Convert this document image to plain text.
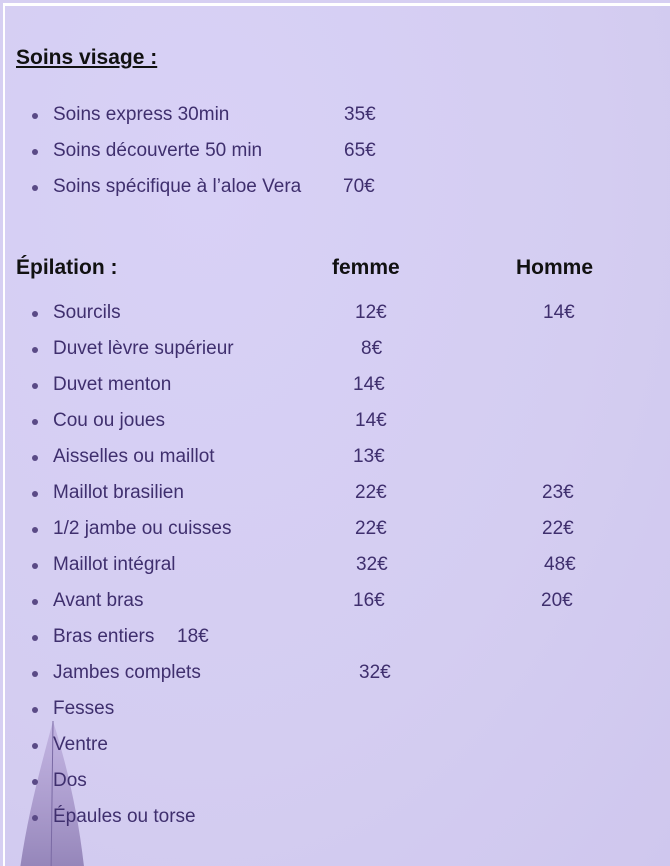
Soins visage :
Soins express 30min	35€
Soins découverte 50 min	65€
Soins spécifique à l’aloe Vera 70€
Épilation :	femme	Homme
Sourcils	12€	14€
Duvet lèvre supérieur	8€
Duvet menton	14€
Cou ou joues	14€
Aisselles ou maillot	13€
Maillot brasilien	22€	23€
1/2 jambe ou cuisses	22€	22€
Maillot intégral	32€	48€
Avant bras	16€	20€
Bras entiers 18€
Jambes complets	32€
Fesses
Ventre
Dos
Épaules ou torse
